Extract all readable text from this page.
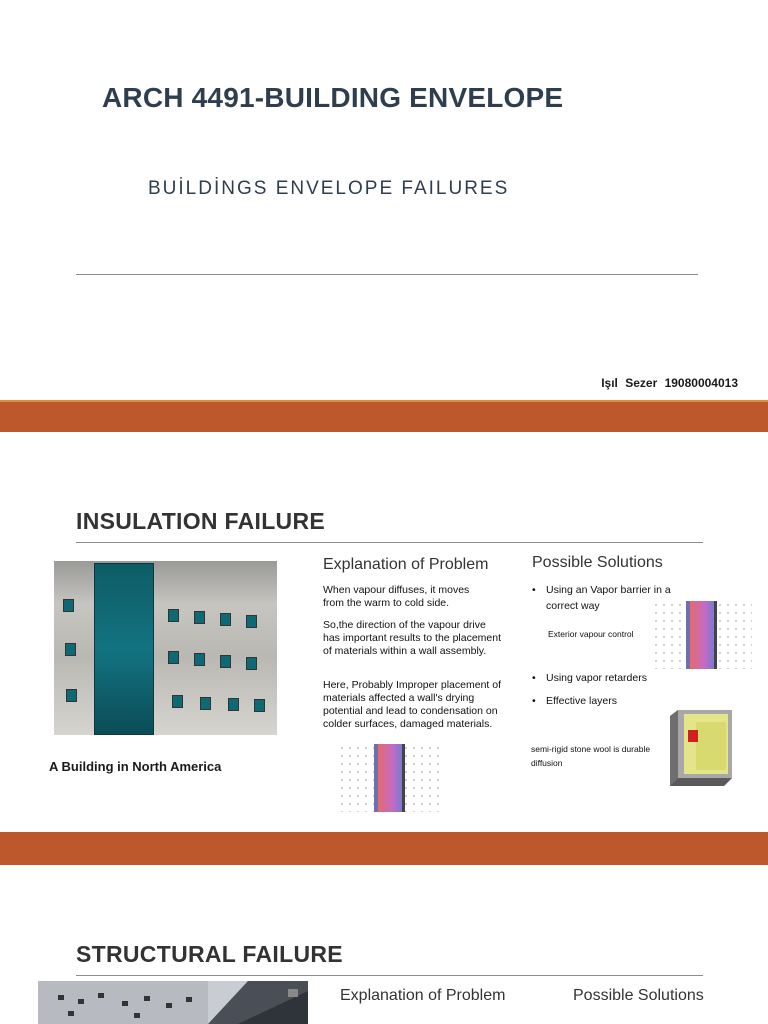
ARCH 4491-BUILDING ENVELOPE
BUİLDİNGS ENVELOPE FAILURES
Işıl Sezer 19080004013
INSULATION FAILURE
A Building in North America
Explanation of Problem

When vapour diffuses, it moves from the warm to cold side.

So,the direction of the vapour drive has important results to the placement of materials within a wall assembly.

Here, Probably Improper placement of materials affected a wall's drying potential and lead to condensation on colder surfaces, damaged materials.

Possible Solutions
• Using an Vapor barrier in a correct way
Exterior vapour control
• Using vapor retarders
• Effective layers
semi-rigid stone wool is durable diffusion
STRUCTURAL FAILURE
Explanation of Problem	Possible Solutions
